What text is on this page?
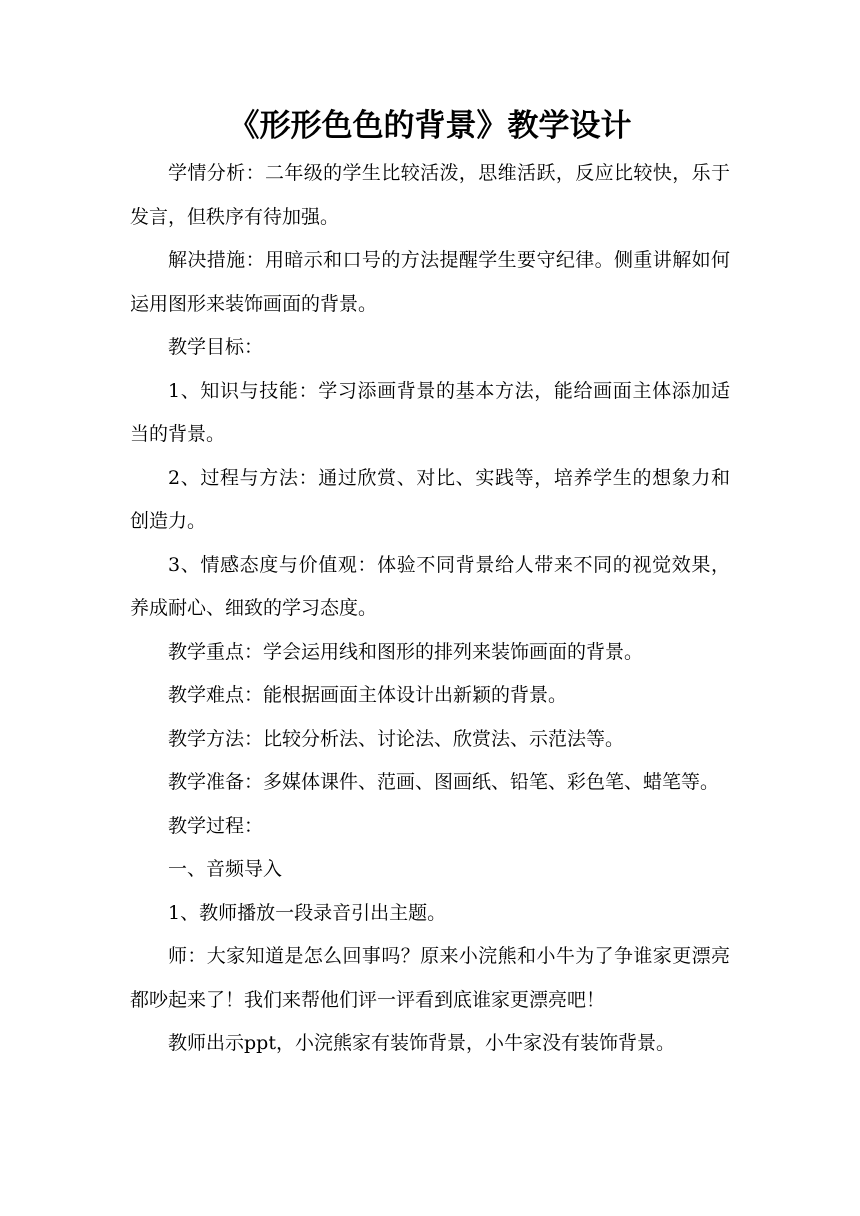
《形形色色的背景》教学设计

学情分析：二年级的学生比较活泼，思维活跃，反应比较快，乐于发言，但秩序有待加强。

解决措施：用暗示和口号的方法提醒学生要守纪律。侧重讲解如何运用图形来装饰画面的背景。

教学目标：

1、知识与技能：学习添画背景的基本方法，能给画面主体添加适当的背景。

2、过程与方法：通过欣赏、对比、实践等，培养学生的想象力和创造力。

3、情感态度与价值观：体验不同背景给人带来不同的视觉效果，养成耐心、细致的学习态度。

教学重点：学会运用线和图形的排列来装饰画面的背景。

教学难点：能根据画面主体设计出新颖的背景。

教学方法：比较分析法、讨论法、欣赏法、示范法等。

教学准备：多媒体课件、范画、图画纸、铅笔、彩色笔、蜡笔等。

教学过程：

一、音频导入

1、教师播放一段录音引出主题。

师：大家知道是怎么回事吗？原来小浣熊和小牛为了争谁家更漂亮都吵起来了！我们来帮他们评一评看到底谁家更漂亮吧！

教师出示ppt，小浣熊家有装饰背景，小牛家没有装饰背景。
